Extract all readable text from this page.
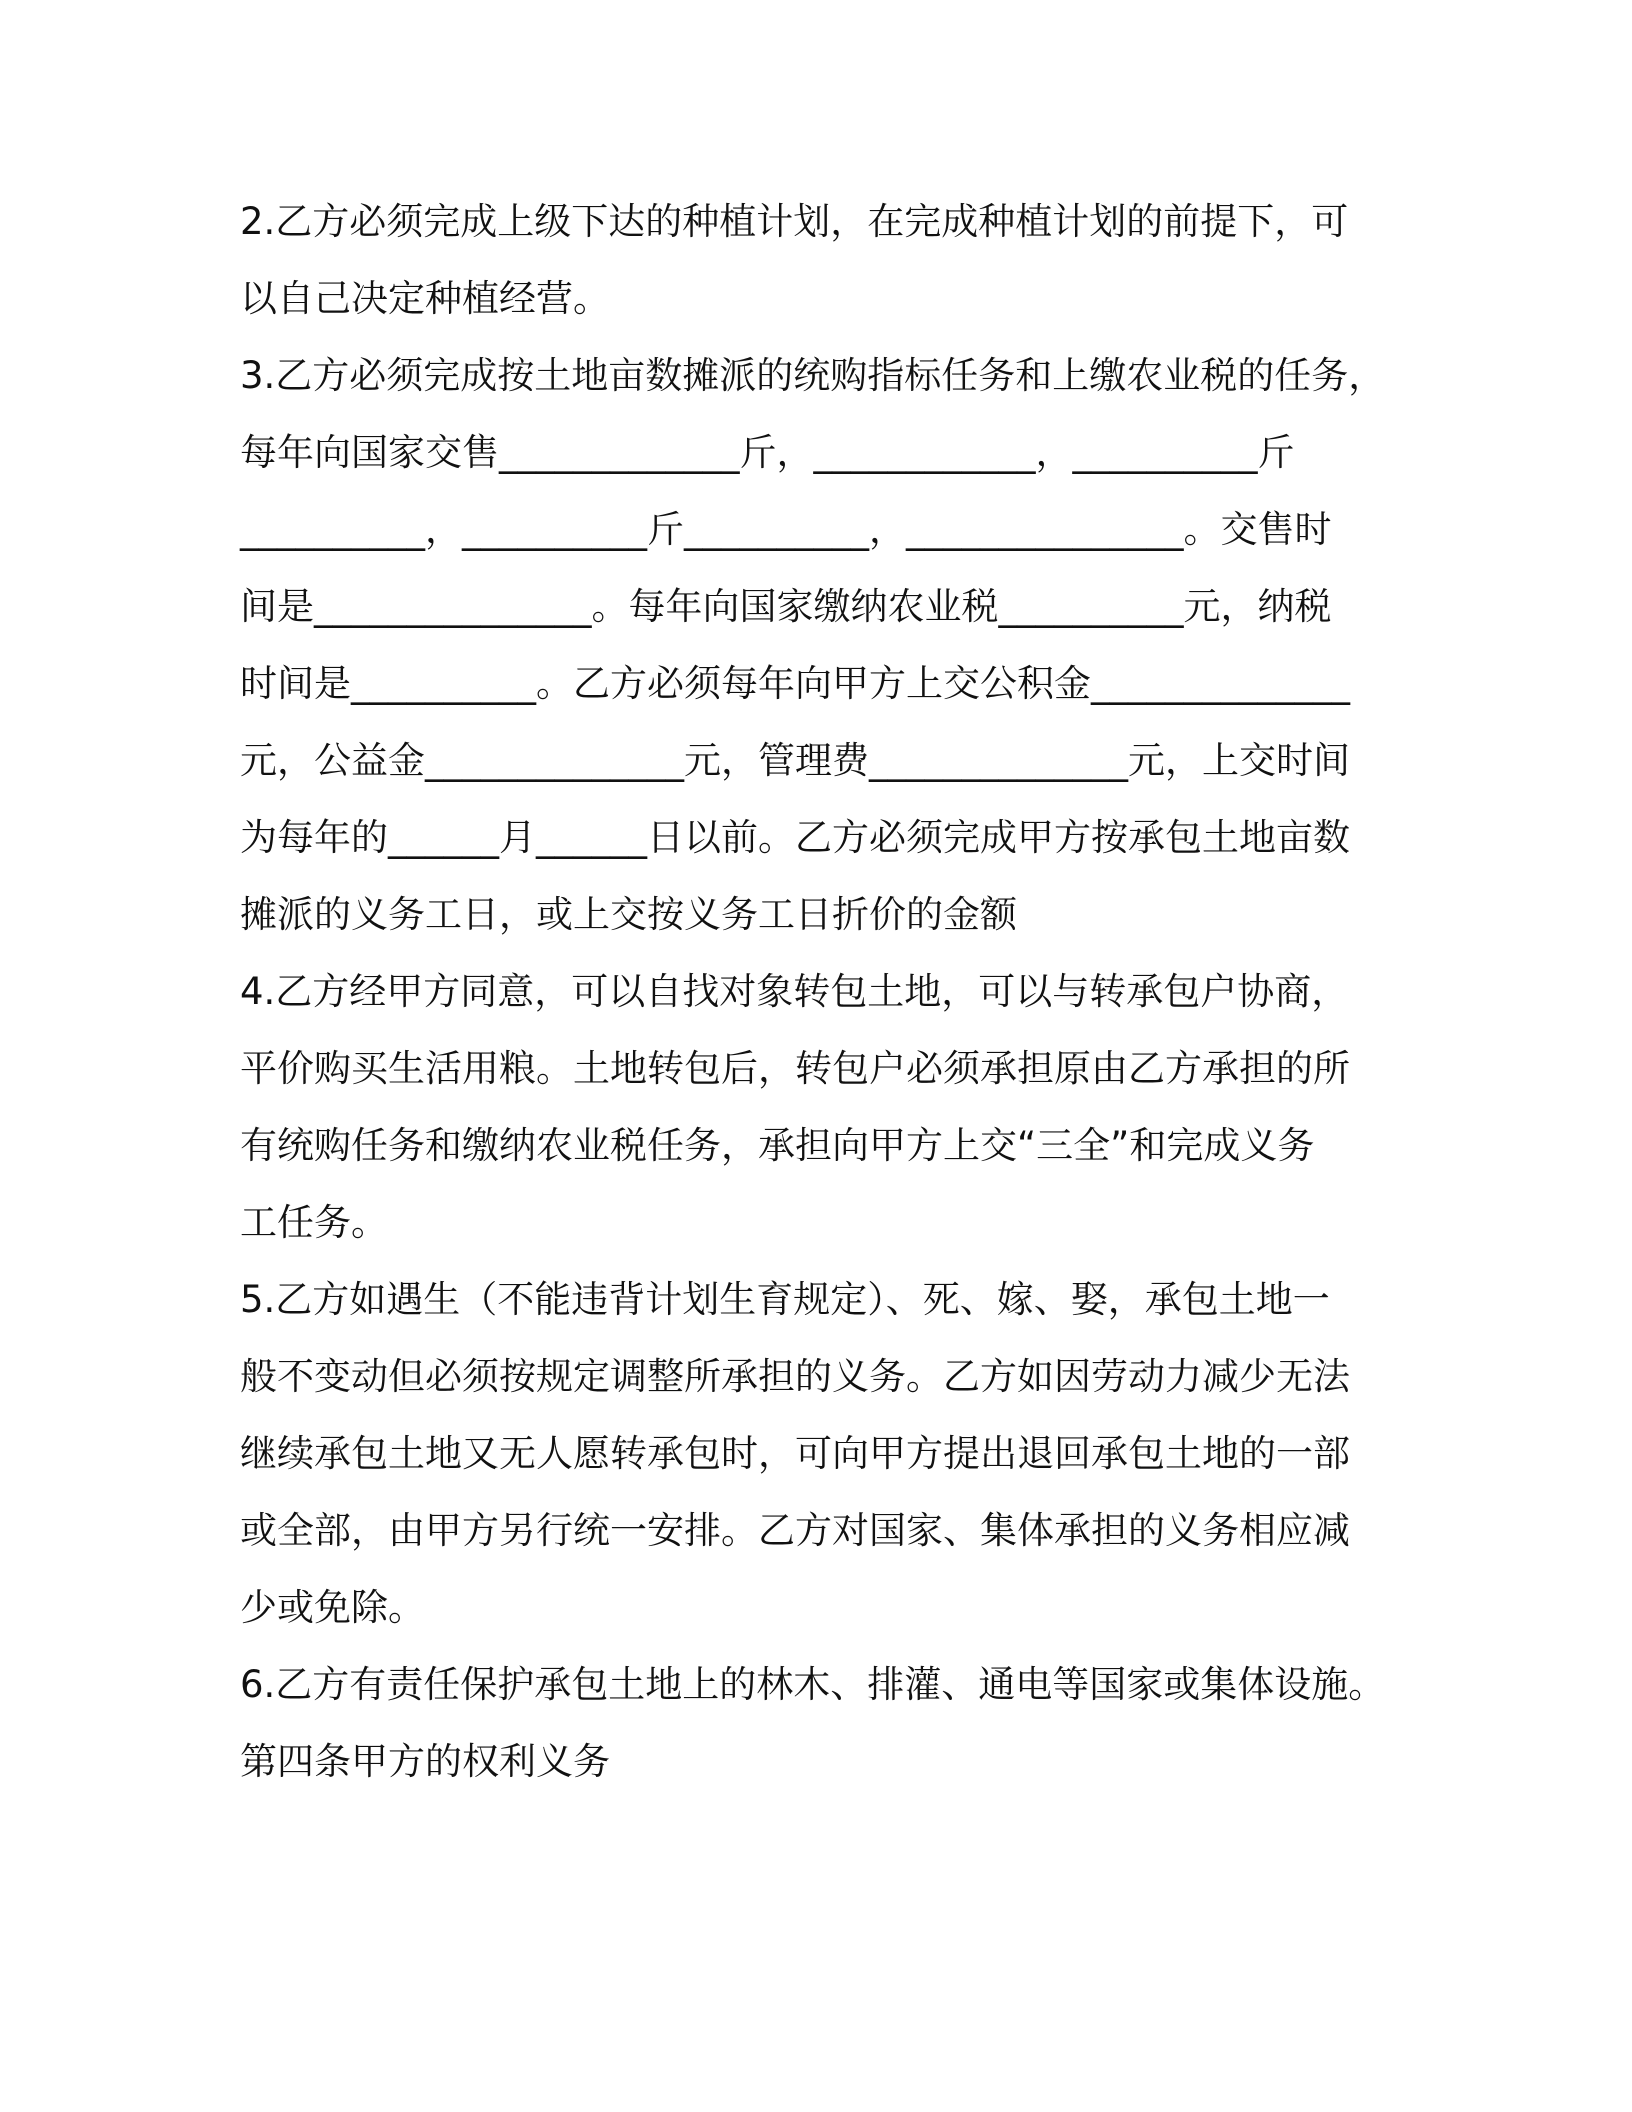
2.乙方必须完成上级下达的种植计划，在完成种植计划的前提下，可
以自己决定种植经营。
3.乙方必须完成按土地亩数摊派的统购指标任务和上缴农业税的任务，
每年向国家交售_____________斤，____________，__________斤
__________，__________斤__________，_______________。交售时
间是_______________。每年向国家缴纳农业税__________元，纳税
时间是__________。乙方必须每年向甲方上交公积金______________
元，公益金______________元，管理费______________元，上交时间
为每年的______月______日以前。乙方必须完成甲方按承包土地亩数
摊派的义务工日，或上交按义务工日折价的金额
4.乙方经甲方同意，可以自找对象转包土地，可以与转承包户协商，
平价购买生活用粮。土地转包后，转包户必须承担原由乙方承担的所
有统购任务和缴纳农业税任务，承担向甲方上交“三全”和完成义务
工任务。
5.乙方如遇生（不能违背计划生育规定）、死、嫁、娶，承包土地一
般不变动但必须按规定调整所承担的义务。乙方如因劳动力减少无法
继续承包土地又无人愿转承包时，可向甲方提出退回承包土地的一部
或全部，由甲方另行统一安排。乙方对国家、集体承担的义务相应减
少或免除。
6.乙方有责任保护承包土地上的林木、排灌、通电等国家或集体设施。
第四条甲方的权利义务
